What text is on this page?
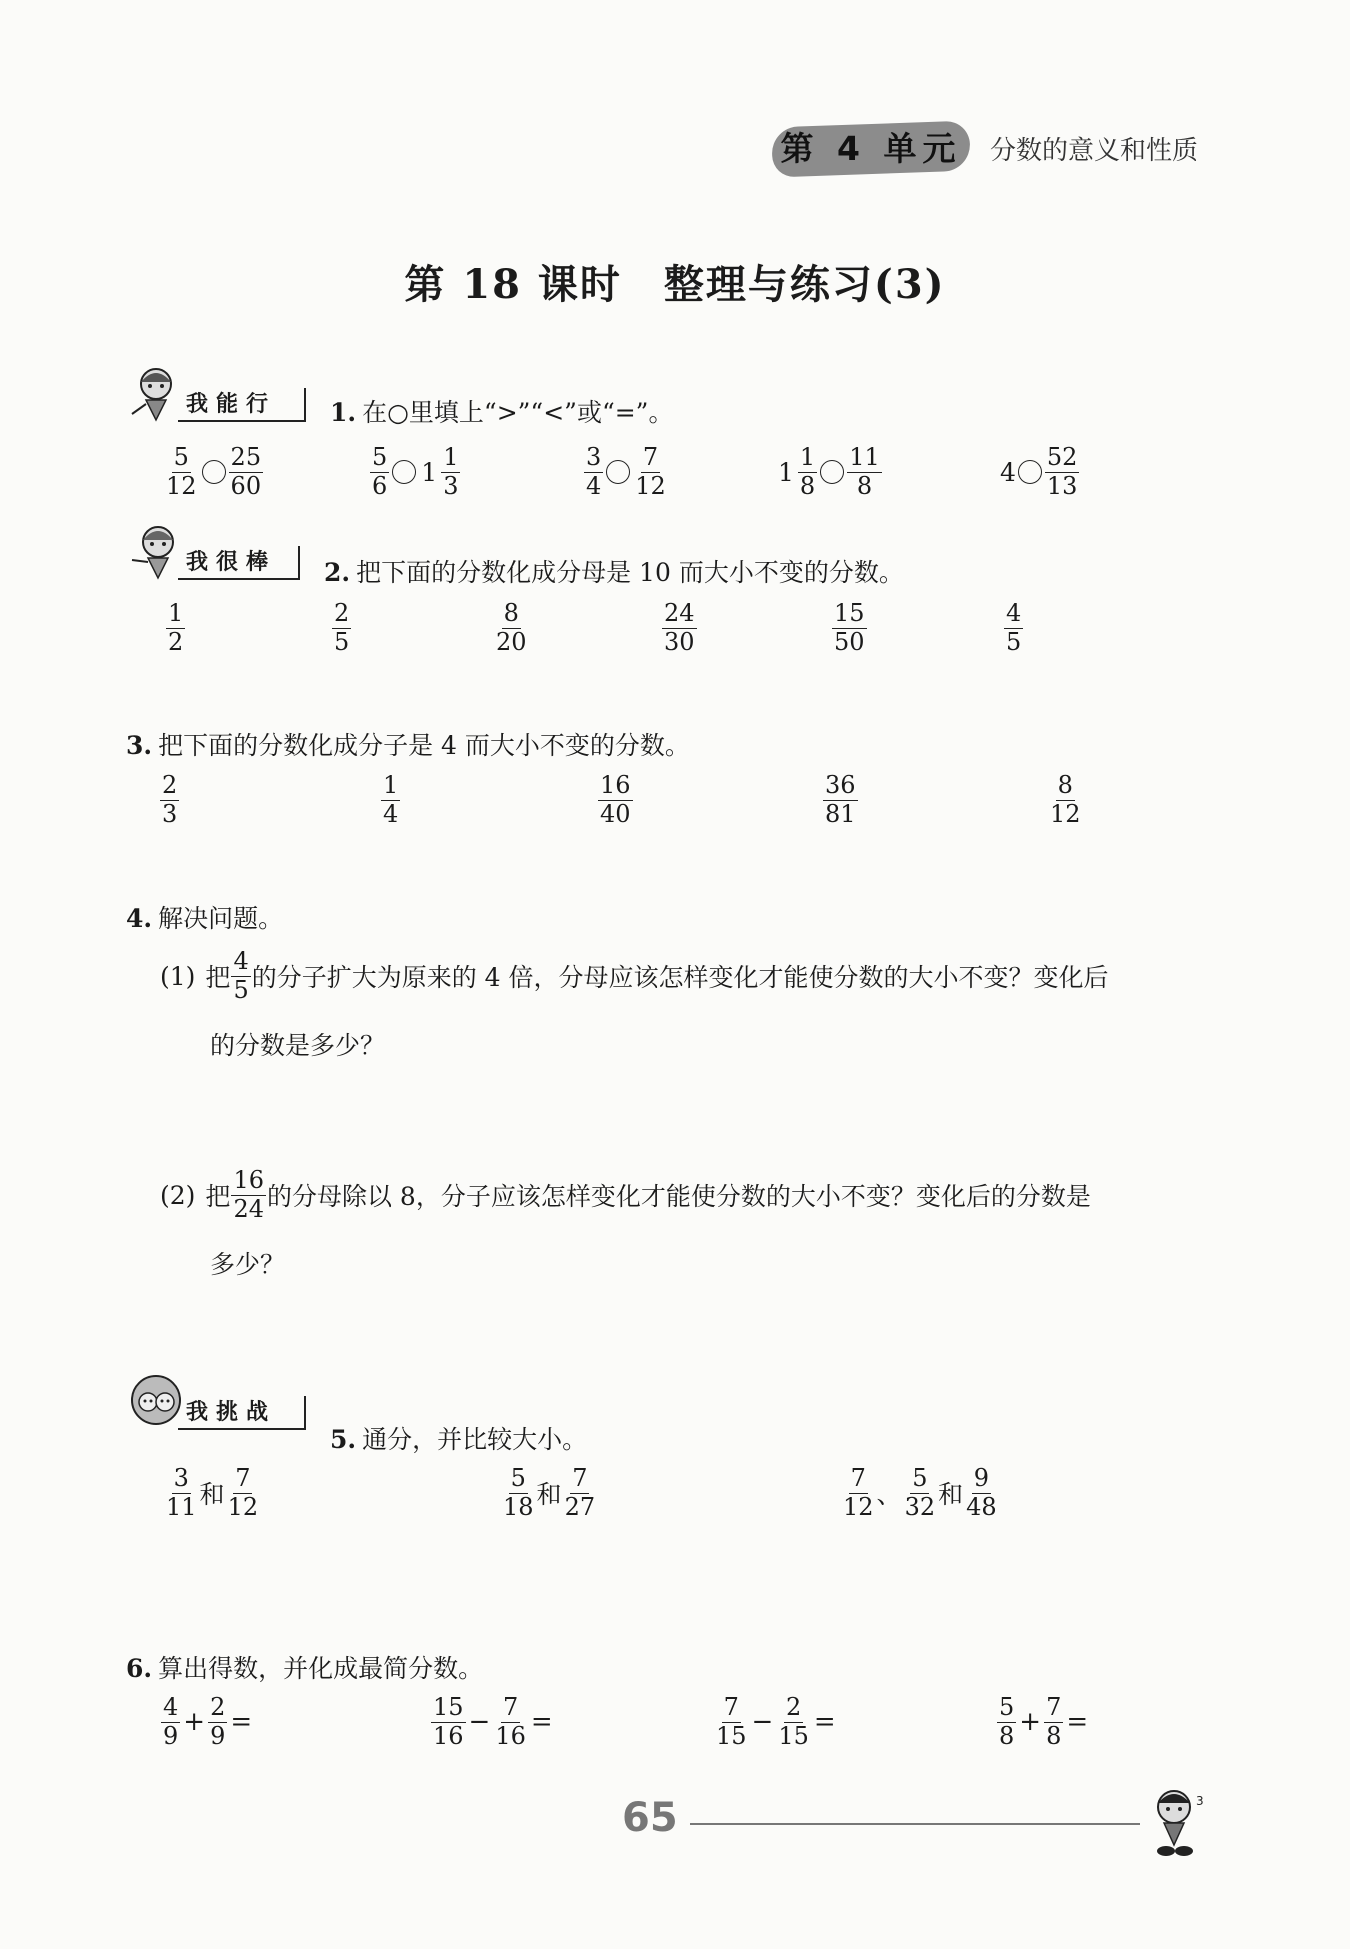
第 4 单元 分数的意义和性质
第 18 课时　整理与练习(3)
我能行	1. 在○里填上“>”“<”或“=”。
$\frac{5}{12} \frac{25}{60}$	$\frac{5}{6} 1 \frac{1}{3}$	$\frac{3}{4} \frac{7}{12}$	$1 \frac{1}{8} \frac{11}{8}$	$4 \frac{52}{13}$
我很棒	2. 把下面的分数化成分母是 10 而大小不变的分数。
$\frac{1}{2}$	$\frac{2}{5}$	$\frac{8}{20}$	$\frac{24}{30}$	$\frac{15}{50}$	$\frac{4}{5}$
3. 把下面的分数化成分子是 4 而大小不变的分数。
$\frac{2}{3}$	$\frac{1}{4}$	$\frac{16}{40}$	$\frac{36}{81}$	$\frac{8}{12}$
4. 解决问题。
(1) 把 $\frac{4}{5}$ 的分子扩大为原来的 4 倍，分母应该怎样变化才能使分数的大小不变？变化后
的分数是多少？
(2) 把 $\frac{16}{24}$ 的分母除以 8，分子应该怎样变化才能使分数的大小不变？变化后的分数是
多少？
我挑战
5. 通分，并比较大小。
$\frac{3}{11}$ 和 $\frac{7}{12}$	$\frac{5}{18}$ 和 $\frac{7}{27}$	$\frac{7}{12}$ 、 $\frac{5}{32}$ 和 $\frac{9}{48}$
6. 算出得数，并化成最简分数。
$\frac{4}{9} + \frac{2}{9}$ =	$\frac{15}{16} - \frac{7}{16}$ =	$\frac{7}{15} - \frac{2}{15}$ =	$\frac{5}{8} + \frac{7}{8}$ =
65	3
